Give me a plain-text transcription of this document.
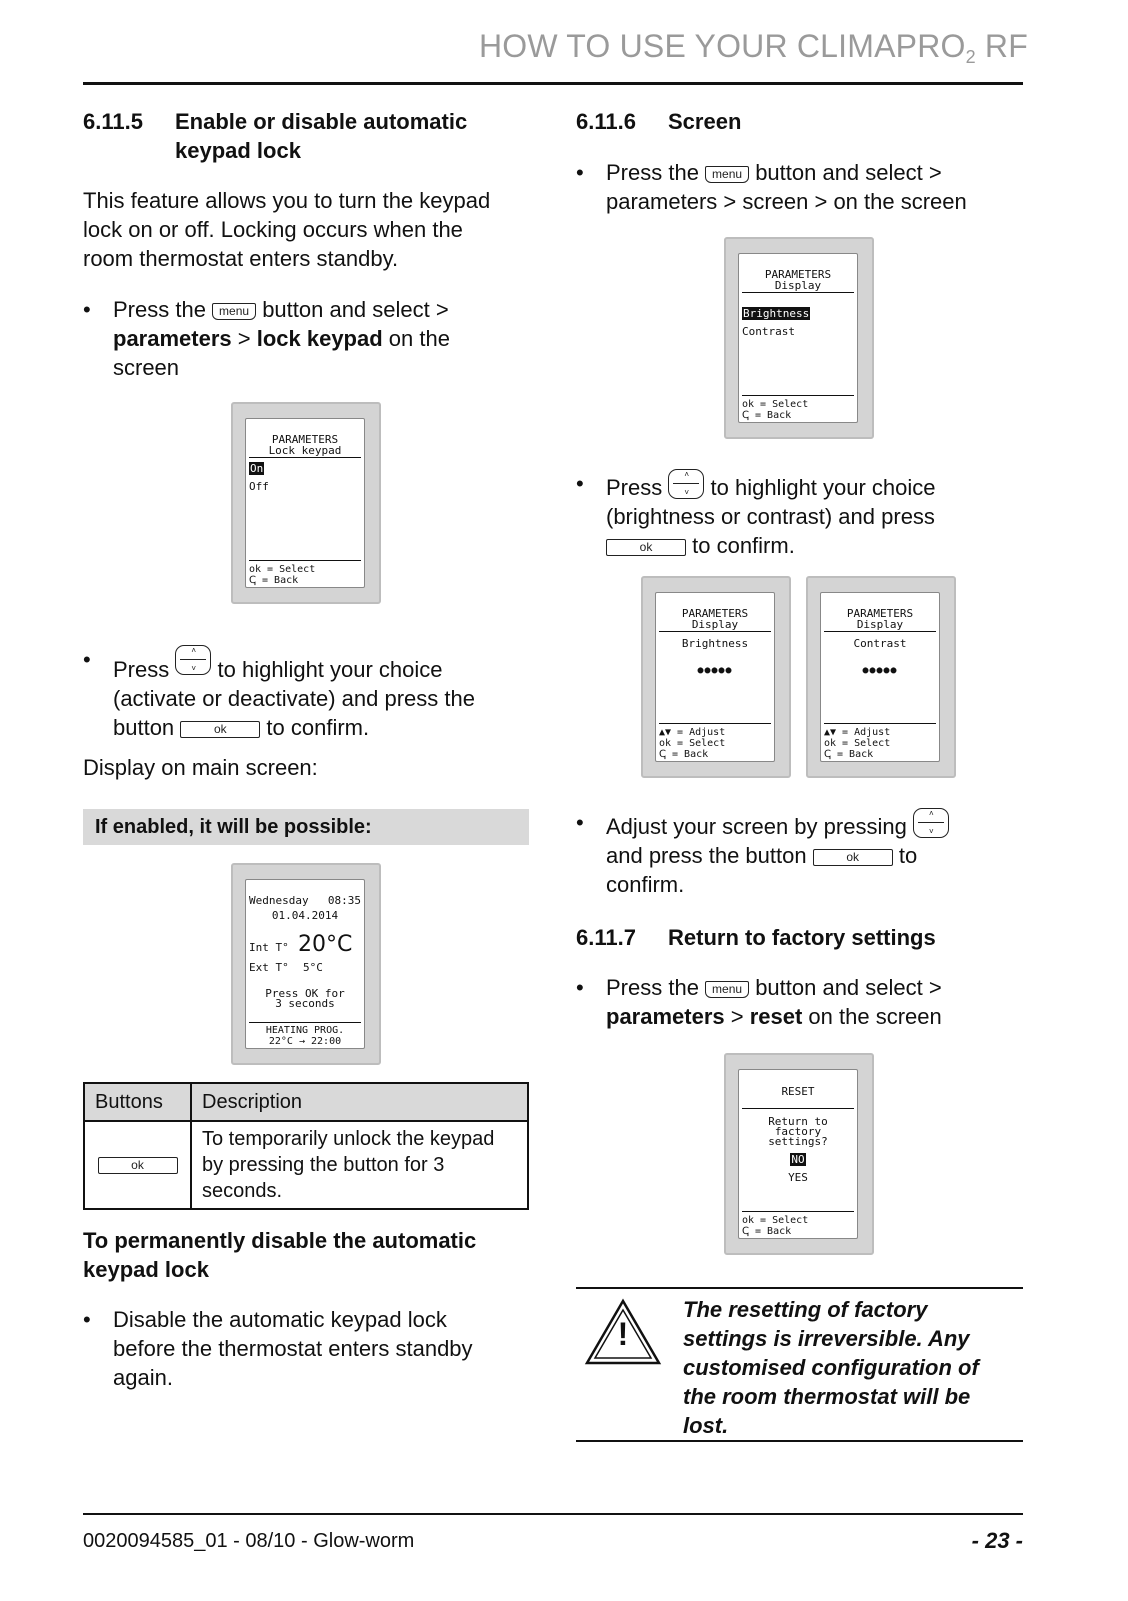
HOW TO USE YOUR $CLIMAPRO_2$ RF
6.11.5 Enable or disable automatic
keypad lock
This feature allows you to turn the keypad
lock on or off. Locking occurs when the
room thermostat enters standby.
• Press the menu button and select >
parameters > lock keypad on the
screen
PARAMETERS
Lock keypad
On
Off
ok = Select
ↅ = Back
• Press
˄
˅ to highlight your choice
(activate or deactivate) and press the
button	ok to confirm.
Display on main screen:
If enabled, it will be possible:
Wednesday 08:35
01.04.2014
Int T° 20°C
Ext T° 5°C
Press OK for
3 seconds
HEATING PROG.
22°C → 22:00
Buttons	Description
ok	To temporarily unlock the keypad
by pressing the button for 3
seconds.
To permanently disable the automatic
keypad lock
• Disable the automatic keypad lock
before the thermostat enters standby
again.
6.11.6 Screen
• Press the menu button and select >
parameters > screen > on the screen
PARAMETERS
Display
Brightness
Contrast
ok = Select
ↅ = Back
• Press
˄
˅ to highlight your choice
(brightness or contrast) and press
ok to confirm.
PARAMETERS
Display
Brightness
●●●●●
▲▼ = Adjust
ok = Select
ↅ = Back
PARAMETERS
Display
Contrast
●●●●●
▲▼ = Adjust
ok = Select
ↅ = Back
• Adjust your screen by pressing
˄
˅
and press the button	ok to
confirm.
6.11.7 Return to factory settings
• Press the menu button and select >
parameters > reset on the screen
RESET
Return to
factory
settings?
NO
YES
ok = Select
ↅ = Back
!
The resetting of factory
settings is irreversible. Any
customised configuration of
the room thermostat will be
lost.
0020094585_01 - 08/10 - Glow-worm	- 23 -
